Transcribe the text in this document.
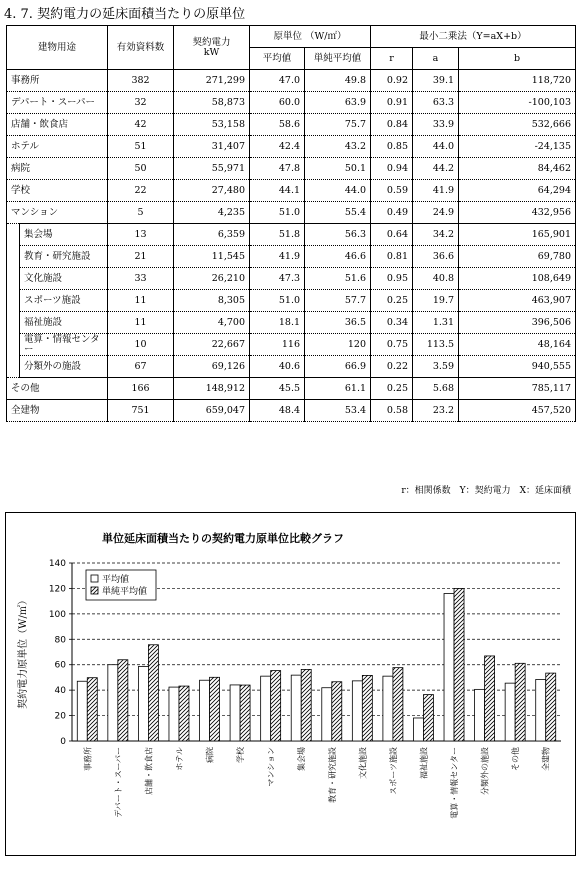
4. 7. 契約電力の延床面積当たりの原単位
建物用途		有効資料数	契約電力
kW	原単位 （W/㎡）		最小二乗法（Y=aX+b）		
				平均値	単純平均値	r	a	b
事務所		382	271,299	47.0	49.8	0.92	39.1	118,720
デパート・スーパー		32	58,873	60.0	63.9	0.91	63.3	-100,103
店舗・飲食店		42	53,158	58.6	75.7	0.84	33.9	532,666
ホテル		51	31,407	42.4	43.2	0.85	44.0	-24,135
病院		50	55,971	47.8	50.1	0.94	44.2	84,462
学校		22	27,480	44.1	44.0	0.59	41.9	64,294
マンション		5	4,235	51.0	55.4	0.49	24.9	432,956
	集会場	13	6,359	51.8	56.3	0.64	34.2	165,901
	教育・研究施設	21	11,545	41.9	46.6	0.81	36.6	69,780
	文化施設	33	26,210	47.3	51.6	0.95	40.8	108,649
	スポーツ施設	11	8,305	51.0	57.7	0.25	19.7	463,907
	福祉施設	11	4,700	18.1	36.5	0.34	1.31	396,506
	電算・情報センター	10	22,667	116	120	0.75	113.5	48,164
	分類外の施設	67	69,126	40.6	66.9	0.22	3.59	940,555
その他		166	148,912	45.5	61.1	0.25	5.68	785,117
全建物		751	659,047	48.4	53.4	0.58	23.2	457,520
r：相関係数　Y：契約電力　X：延床面積
単位延床面積当たりの契約電力原単位比較グラフ
契約電力原単位（W/㎡）
0
20
40
60
80
100
120
140
事務所	デパート・スーパー	店舗・飲食店	ホテル	病院	学校	マンション	集会場	教育・研究施設	文化施設	スポーツ施設	福祉施設	電算・情報センター	分類外の施設	その他	全建物
平均値
単純平均値
